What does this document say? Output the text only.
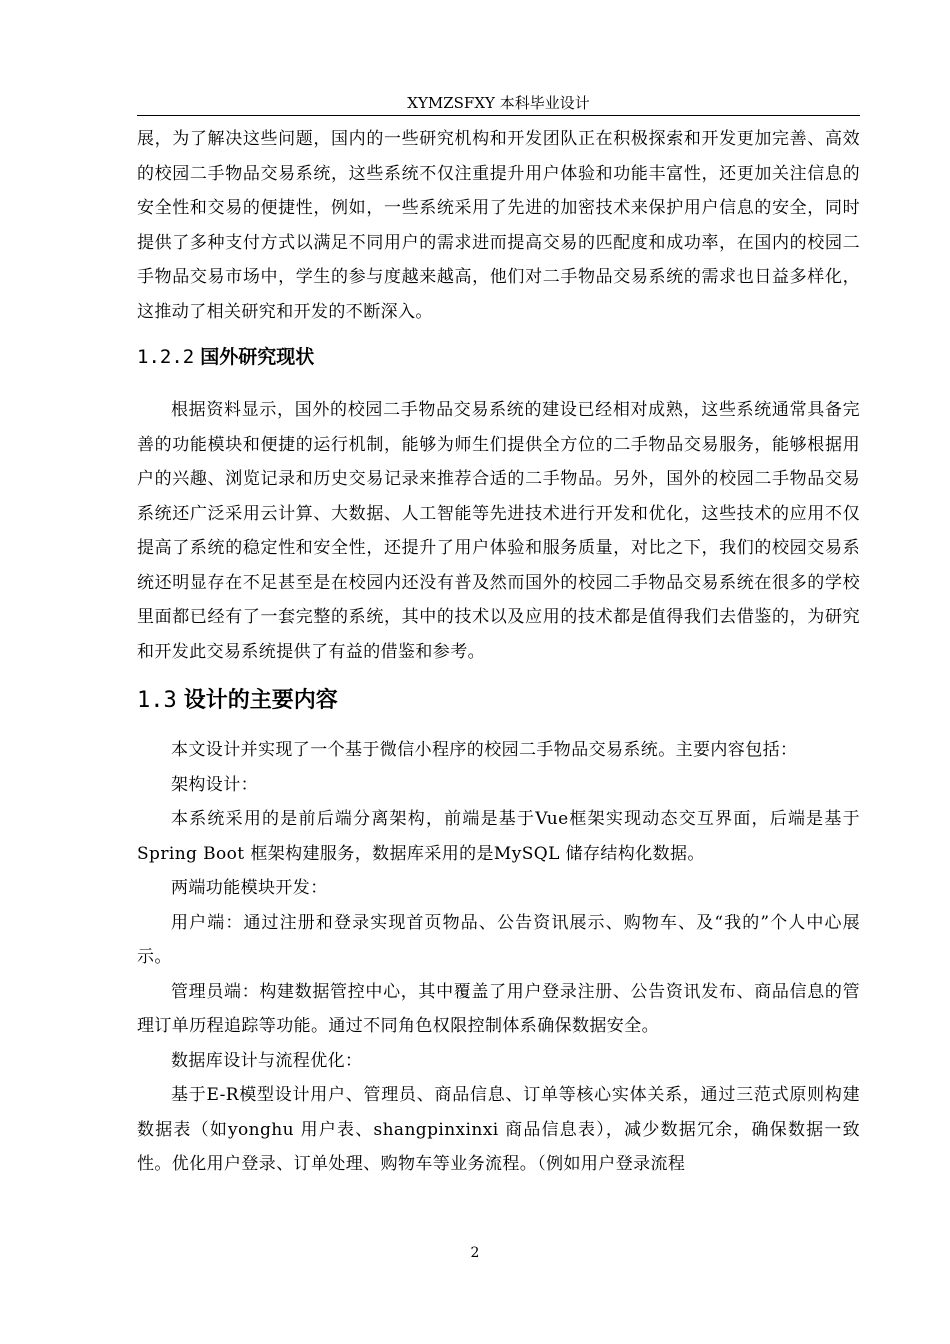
XYMZSFXY 本科毕业设计

展，为了解决这些问题，国内的一些研究机构和开发团队正在积极探索和开发更加完善、高效的校园二手物品交易系统，这些系统不仅注重提升用户体验和功能丰富性，还更加关注信息的安全性和交易的便捷性，例如，一些系统采用了先进的加密技术来保护用户信息的安全，同时提供了多种支付方式以满足不同用户的需求进而提高交易的匹配度和成功率，在国内的校园二手物品交易市场中，学生的参与度越来越高，他们对二手物品交易系统的需求也日益多样化，这推动了相关研究和开发的不断深入。

1.2.2 国外研究现状

根据资料显示，国外的校园二手物品交易系统的建设已经相对成熟，这些系统通常具备完善的功能模块和便捷的运行机制，能够为师生们提供全方位的二手物品交易服务，能够根据用户的兴趣、浏览记录和历史交易记录来推荐合适的二手物品。另外，国外的校园二手物品交易系统还广泛采用云计算、大数据、人工智能等先进技术进行开发和优化，这些技术的应用不仅提高了系统的稳定性和安全性，还提升了用户体验和服务质量，对比之下，我们的校园交易系统还明显存在不足甚至是在校园内还没有普及然而国外的校园二手物品交易系统在很多的学校里面都已经有了一套完整的系统，其中的技术以及应用的技术都是值得我们去借鉴的，为研究和开发此交易系统提供了有益的借鉴和参考。

1.3 设计的主要内容

本文设计并实现了一个基于微信小程序的校园二手物品交易系统。主要内容包括：

架构设计：

本系统采用的是前后端分离架构，前端是基于Vue框架实现动态交互界面，后端是基于Spring Boot 框架构建服务，数据库采用的是MySQL 储存结构化数据。

两端功能模块开发：

用户端：通过注册和登录实现首页物品、公告资讯展示、购物车、及“我的”个人中心展示。

管理员端：构建数据管控中心，其中覆盖了用户登录注册、公告资讯发布、商品信息的管理订单历程追踪等功能。通过不同角色权限控制体系确保数据安全。

数据库设计与流程优化：

基于E-R模型设计用户、管理员、商品信息、订单等核心实体关系，通过三范式原则构建数据表（如yonghu 用户表、shangpinxinxi 商品信息表），减少数据冗余，确保数据一致性。优化用户登录、订单处理、购物车等业务流程。（例如用户登录流程

2
